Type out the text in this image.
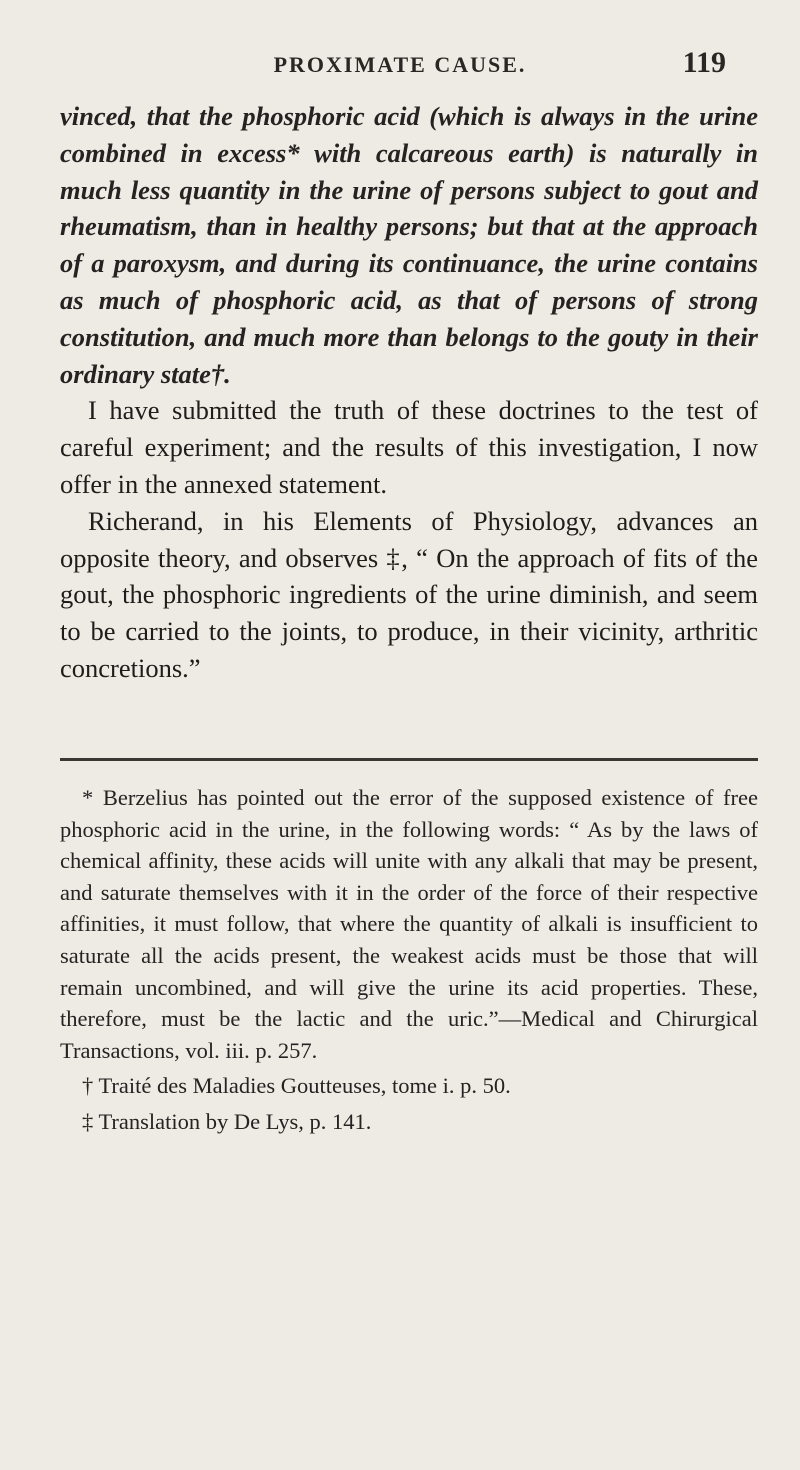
PROXIMATE CAUSE.	119

vinced, that the phosphoric acid (which is always in the urine combined in excess* with calcareous earth) is naturally in much less quantity in the urine of persons subject to gout and rheumatism, than in healthy persons; but that at the approach of a paroxysm, and during its continuance, the urine contains as much of phosphoric acid, as that of persons of strong constitution, and much more than belongs to the gouty in their ordinary state†.

I have submitted the truth of these doctrines to the test of careful experiment; and the results of this investigation, I now offer in the annexed statement.

Richerand, in his Elements of Physiology, advances an opposite theory, and observes ‡, “ On the approach of fits of the gout, the phosphoric ingredients of the urine diminish, and seem to be carried to the joints, to produce, in their vicinity, arthritic concretions.”

* Berzelius has pointed out the error of the supposed existence of free phosphoric acid in the urine, in the following words: “ As by the laws of chemical affinity, these acids will unite with any alkali that may be present, and saturate themselves with it in the order of the force of their respective affinities, it must follow, that where the quantity of alkali is insufficient to saturate all the acids present, the weakest acids must be those that will remain uncombined, and will give the urine its acid properties. These, therefore, must be the lactic and the uric.”—Medical and Chirurgical Transactions, vol. iii. p. 257.

† Traité des Maladies Goutteuses, tome i. p. 50.

‡ Translation by De Lys, p. 141.
